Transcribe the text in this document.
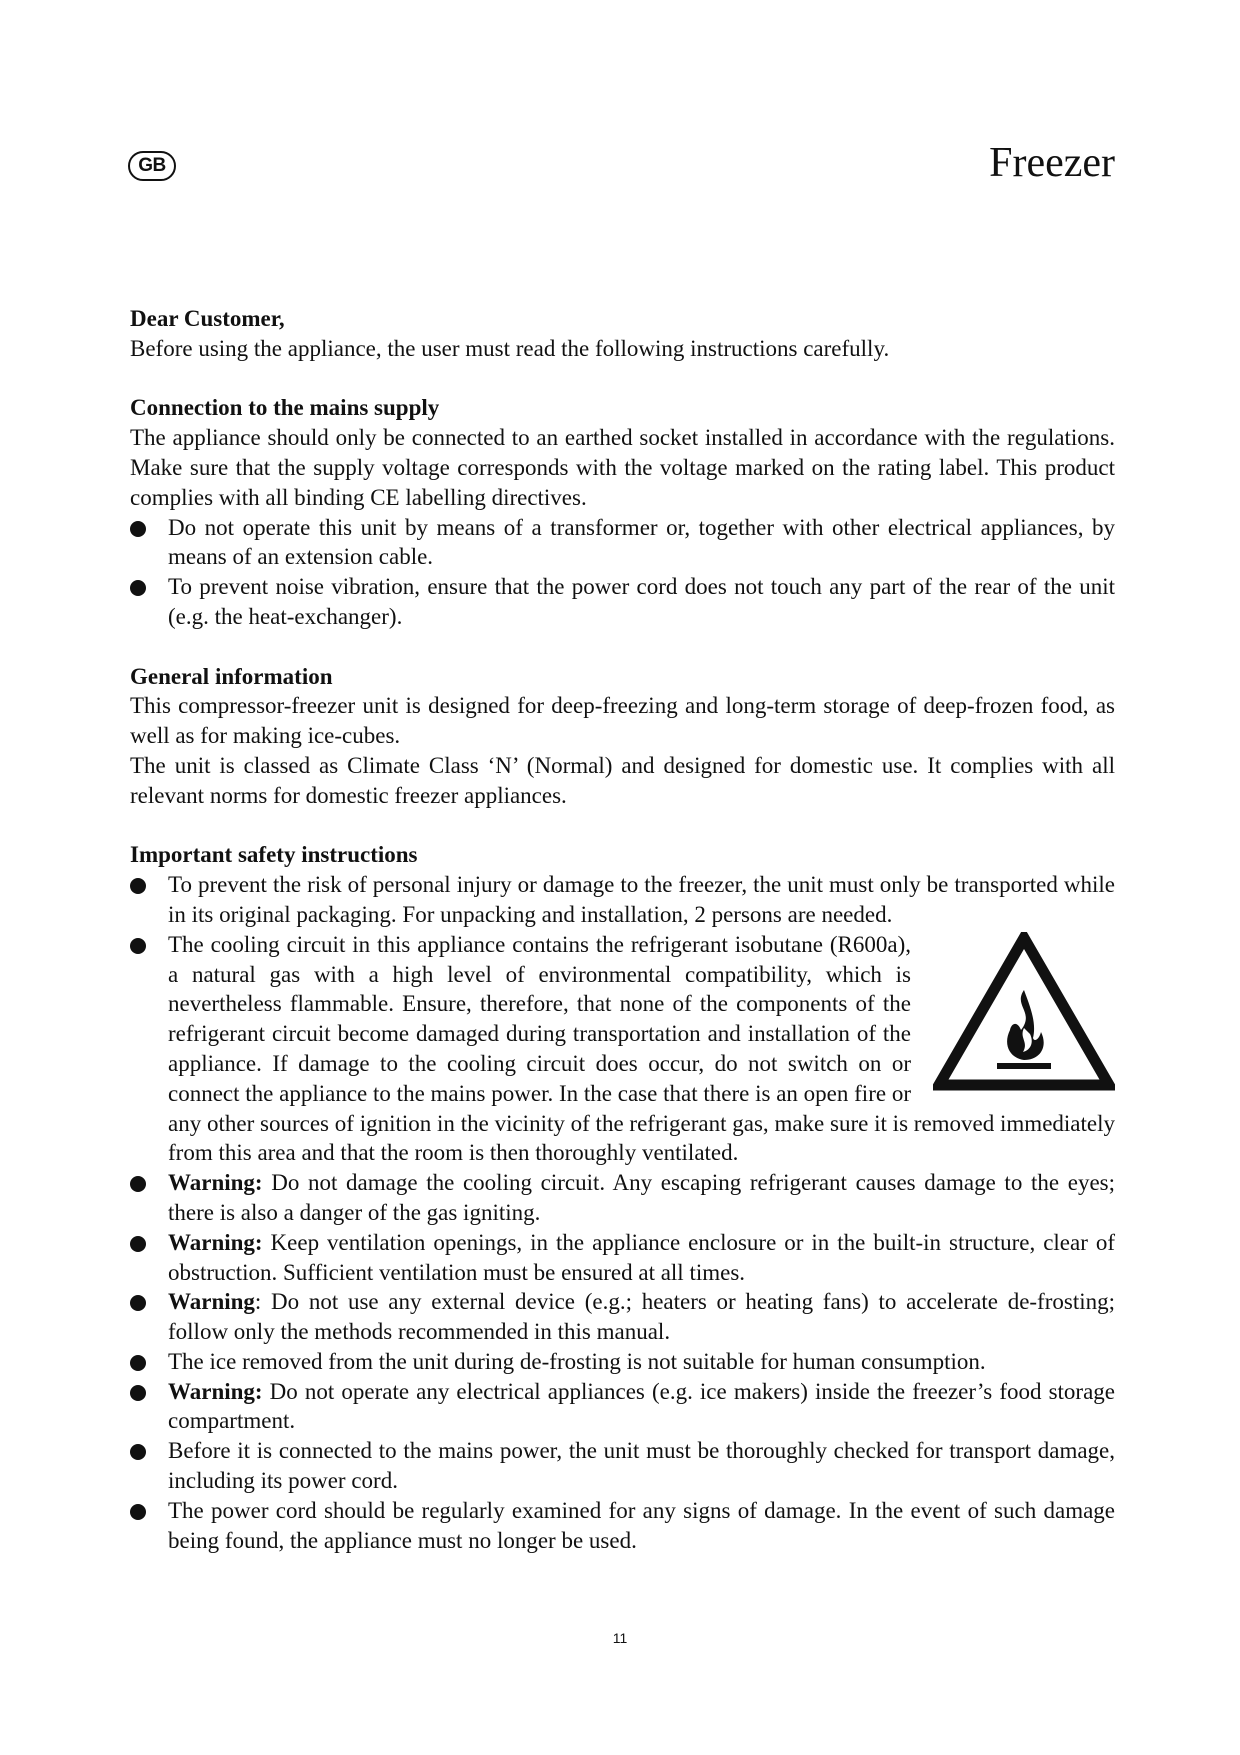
GB	Freezer

Dear Customer,

Before using the appliance, the user must read the following instructions carefully.

Connection to the mains supply

The appliance should only be connected to an earthed socket installed in accordance with the regulations. Make sure that the supply voltage corresponds with the voltage marked on the rating label. This product complies with all binding CE labelling directives.

Do not operate this unit by means of a transformer or, together with other electrical appliances, by means of an extension cable.
To prevent noise vibration, ensure that the power cord does not touch any part of the rear of the unit (e.g. the heat-exchanger).

General information

This compressor-freezer unit is designed for deep-freezing and long-term storage of deep-frozen food, as well as for making ice-cubes.

The unit is classed as Climate Class ‘N’ (Normal) and designed for domestic use. It complies with all relevant norms for domestic freezer appliances.

Important safety instructions

To prevent the risk of personal injury or damage to the freezer, the unit must only be transported while in its original packaging. For unpacking and installation, 2 persons are needed.
The cooling circuit in this appliance contains the refrigerant isobutane (R600a), a natural gas with a high level of environmental compatibility, which is nevertheless flammable. Ensure, therefore, that none of the components of the refrigerant circuit become damaged during transportation and installation of the appliance. If damage to the cooling circuit does occur, do not switch on or connect the appliance to the mains power. In the case that there is an open fire or any other sources of ignition in the vicinity of the refrigerant gas, make sure it is removed immediately from this area and that the room is then thoroughly ventilated.
Warning: Do not damage the cooling circuit. Any escaping refrigerant causes damage to the eyes; there is also a danger of the gas igniting.
Warning: Keep ventilation openings, in the appliance enclosure or in the built-in structure, clear of obstruction. Sufficient ventilation must be ensured at all times.
Warning: Do not use any external device (e.g.; heaters or heating fans) to accelerate de-frosting; follow only the methods recommended in this manual.
The ice removed from the unit during de-frosting is not suitable for human consumption.
Warning: Do not operate any electrical appliances (e.g. ice makers) inside the freezer’s food storage compartment.
Before it is connected to the mains power, the unit must be thoroughly checked for transport damage, including its power cord.
The power cord should be regularly examined for any signs of damage. In the event of such damage being found, the appliance must no longer be used.
11
